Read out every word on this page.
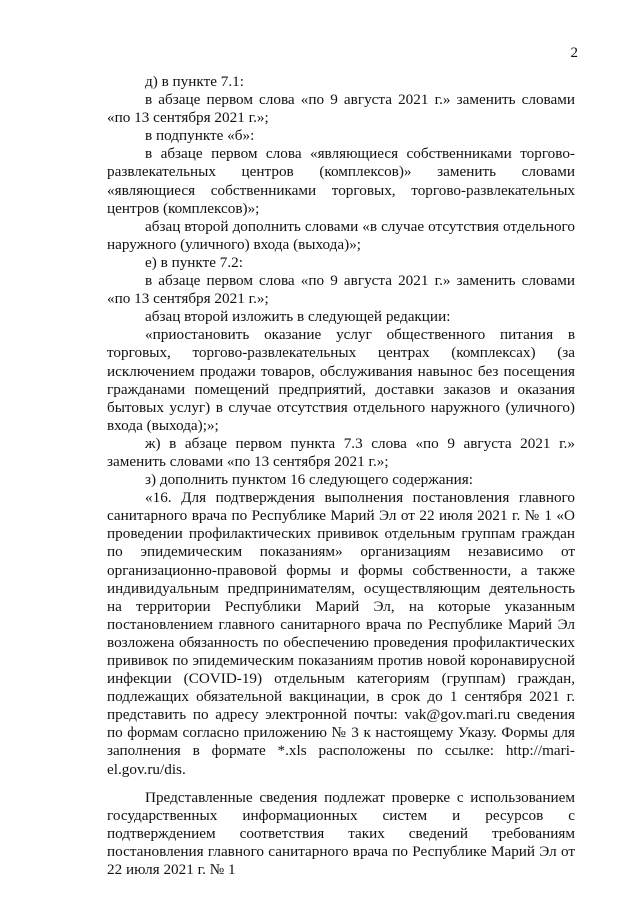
2

д) в пункте 7.1:

в абзаце первом слова «по 9 августа 2021 г.» заменить словами «по 13 сентября 2021 г.»;

в подпункте «б»:

в абзаце первом слова «являющиеся собственниками торгово-развлекательных центров (комплексов)» заменить словами «являющиеся собственниками торговых, торгово-развлекательных центров (комплексов)»;

абзац второй дополнить словами «в случае отсутствия отдельного наружного (уличного) входа (выхода)»;

е) в пункте 7.2:

в абзаце первом слова «по 9 августа 2021 г.» заменить словами «по 13 сентября 2021 г.»;

абзац второй изложить в следующей редакции:

«приостановить оказание услуг общественного питания в торговых, торгово-развлекательных центрах (комплексах) (за исключением продажи товаров, обслуживания навынос без посещения гражданами помещений предприятий, доставки заказов и оказания бытовых услуг) в случае отсутствия отдельного наружного (уличного) входа (выхода);»;

ж) в абзаце первом пункта 7.3 слова «по 9 августа 2021 г.» заменить словами «по 13 сентября 2021 г.»;

з) дополнить пунктом 16 следующего содержания:

«16. Для подтверждения выполнения постановления главного санитарного врача по Республике Марий Эл от 22 июля 2021 г. № 1 «О проведении профилактических прививок отдельным группам граждан по эпидемическим показаниям» организациям независимо от организационно-правовой формы и формы собственности, а также индивидуальным предпринимателям, осуществляющим деятельность на территории Республики Марий Эл, на которые указанным постановлением главного санитарного врача по Республике Марий Эл возложена обязанность по обеспечению проведения профилактических прививок по эпидемическим показаниям против новой коронавирусной инфекции (COVID-19) отдельным категориям (группам) граждан, подлежащих обязательной вакцинации, в срок до 1 сентября 2021 г. представить по адресу электронной почты: vak@gov.mari.ru сведения по формам согласно приложению № 3 к настоящему Указу. Формы для заполнения в формате *.xls расположены по ссылке: http://mari-el.gov.ru/dis.

Представленные сведения подлежат проверке с использованием государственных информационных систем и ресурсов с подтверждением соответствия таких сведений требованиям постановления главного санитарного врача по Республике Марий Эл от 22 июля 2021 г. № 1
